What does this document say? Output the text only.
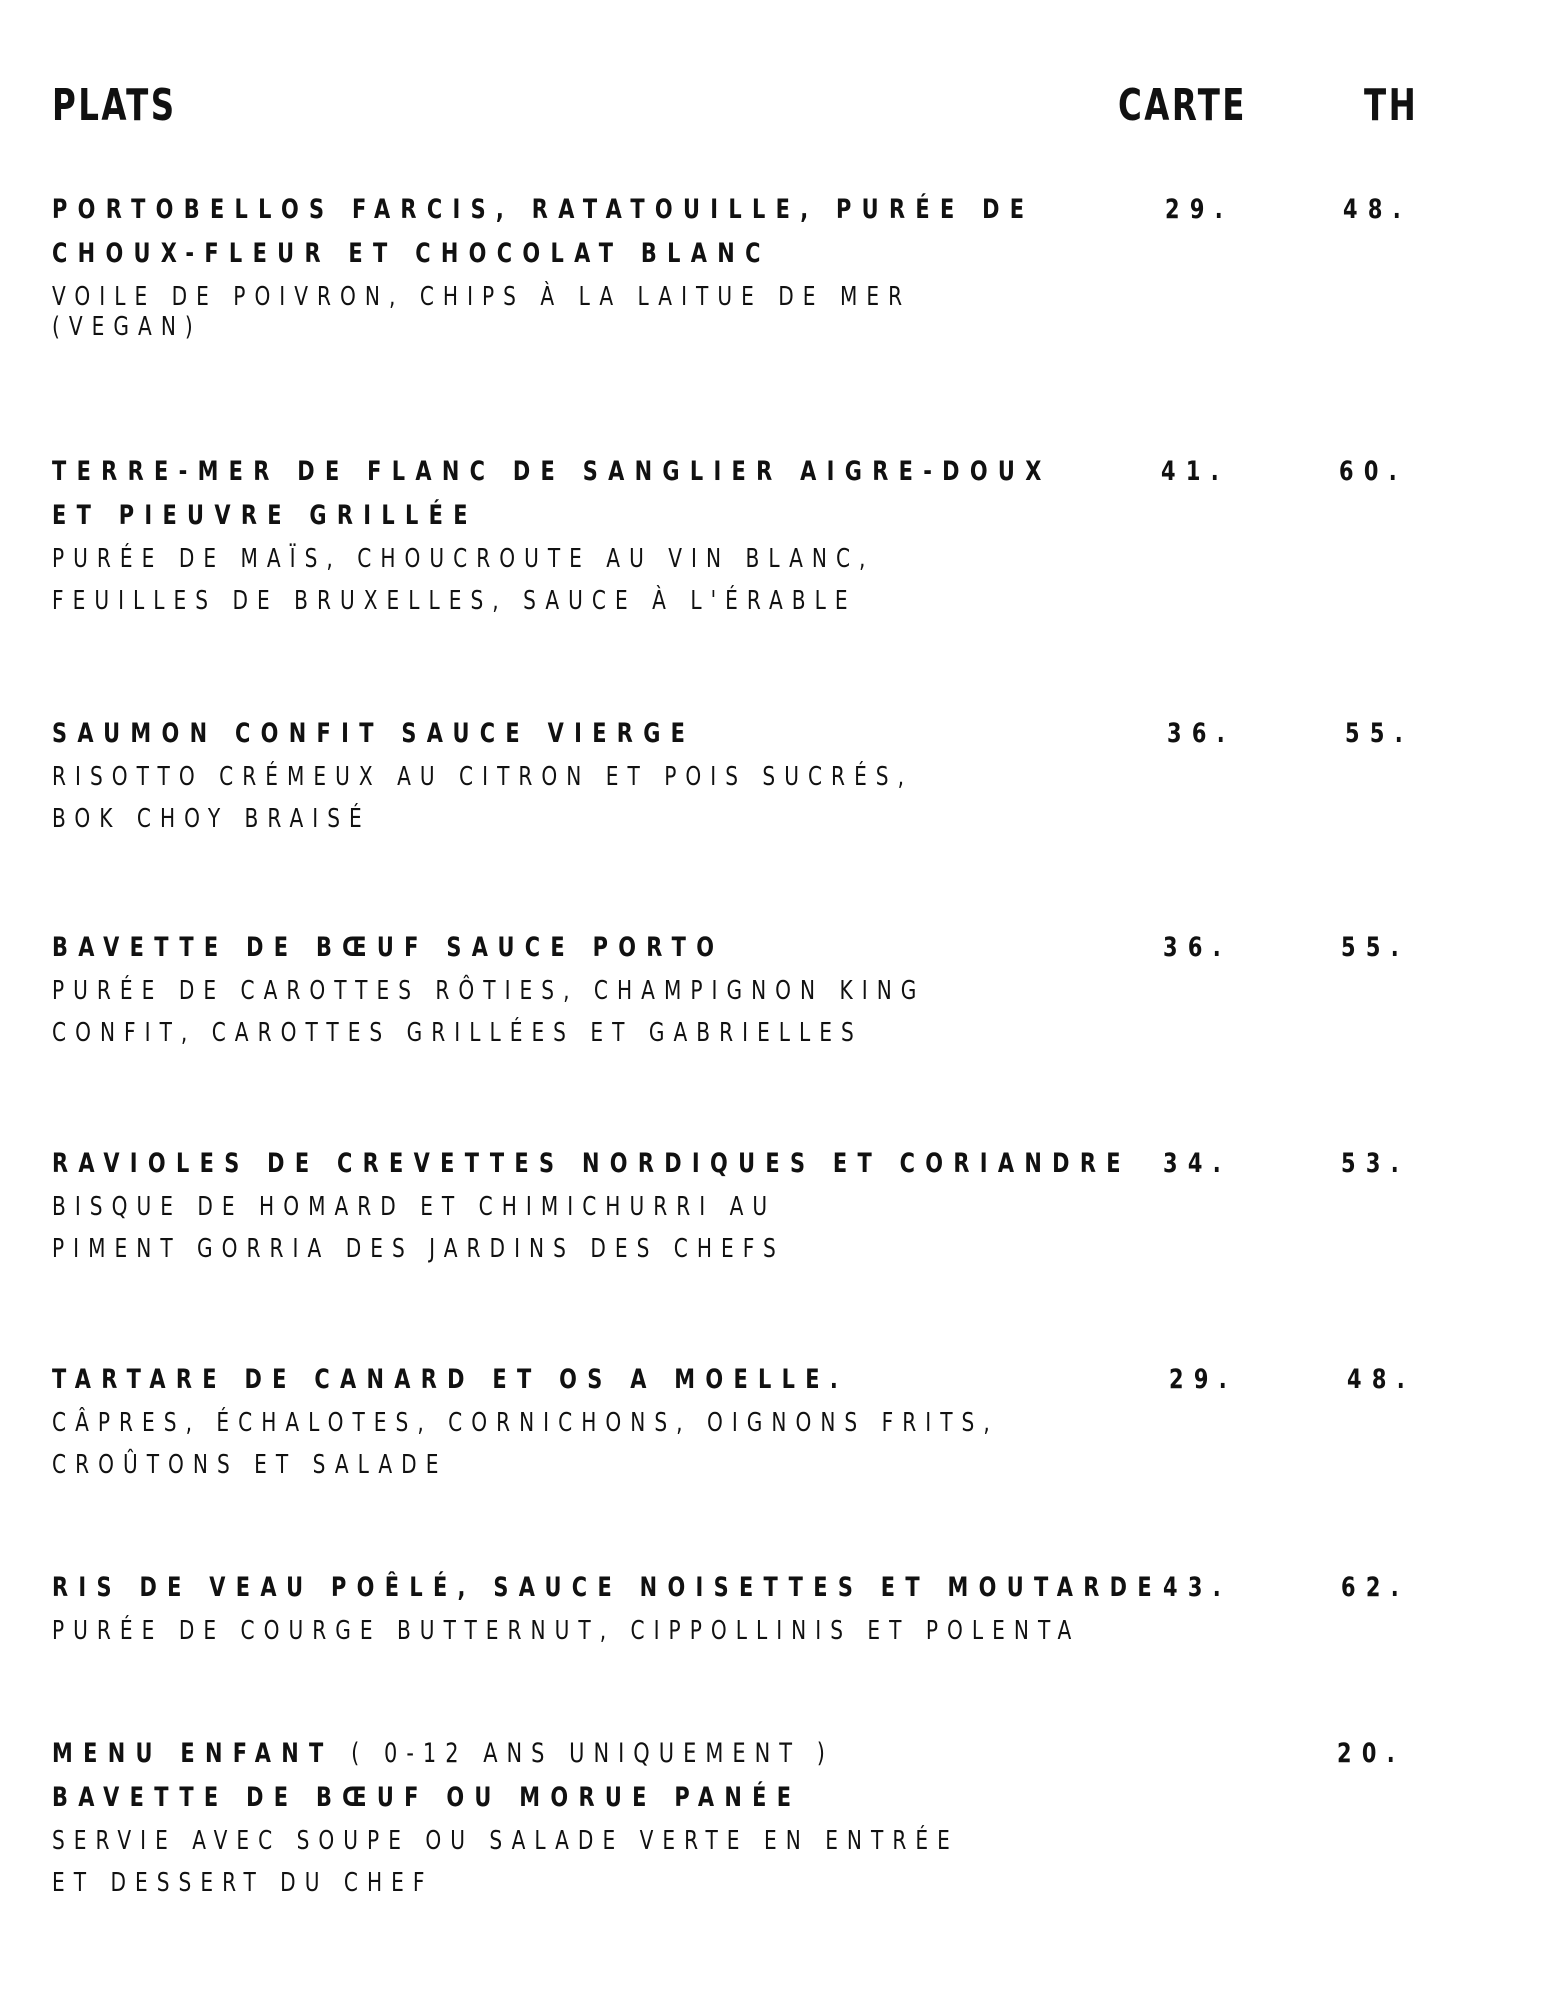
PLATS	CARTE	TH
PORTOBELLOS FARCIS, RATATOUILLE, PURÉE DE
CHOUX-FLEUR ET CHOCOLAT BLANC
VOILE DE POIVRON, CHIPS À LA LAITUE DE MER
(VEGAN)
29.	48.
TERRE-MER DE FLANC DE SANGLIER AIGRE-DOUX
ET PIEUVRE GRILLÉE
PURÉE DE MAÏS, CHOUCROUTE AU VIN BLANC,
FEUILLES DE BRUXELLES, SAUCE À L'ÉRABLE
41.	60.
SAUMON CONFIT SAUCE VIERGE
RISOTTO CRÉMEUX AU CITRON ET POIS SUCRÉS,
BOK CHOY BRAISÉ
36.	55.
BAVETTE DE BŒUF SAUCE PORTO
PURÉE DE CAROTTES RÔTIES, CHAMPIGNON KING
CONFIT, CAROTTES GRILLÉES ET GABRIELLES
36.	55.
RAVIOLES DE CREVETTES NORDIQUES ET CORIANDRE
BISQUE DE HOMARD ET CHIMICHURRI AU
PIMENT GORRIA DES JARDINS DES CHEFS
34.	53.
TARTARE DE CANARD ET OS A MOELLE.
CÂPRES, ÉCHALOTES, CORNICHONS, OIGNONS FRITS,
CROÛTONS ET SALADE
29.	48.
RIS DE VEAU POÊLÉ, SAUCE NOISETTES ET MOUTARDE
PURÉE DE COURGE BUTTERNUT, CIPPOLLINIS ET POLENTA
43.	62.
MENU ENFANT ( 0-12 ANS UNIQUEMENT )
BAVETTE DE BŒUF OU MORUE PANÉE
SERVIE AVEC SOUPE OU SALADE VERTE EN ENTRÉE
ET DESSERT DU CHEF
20.
